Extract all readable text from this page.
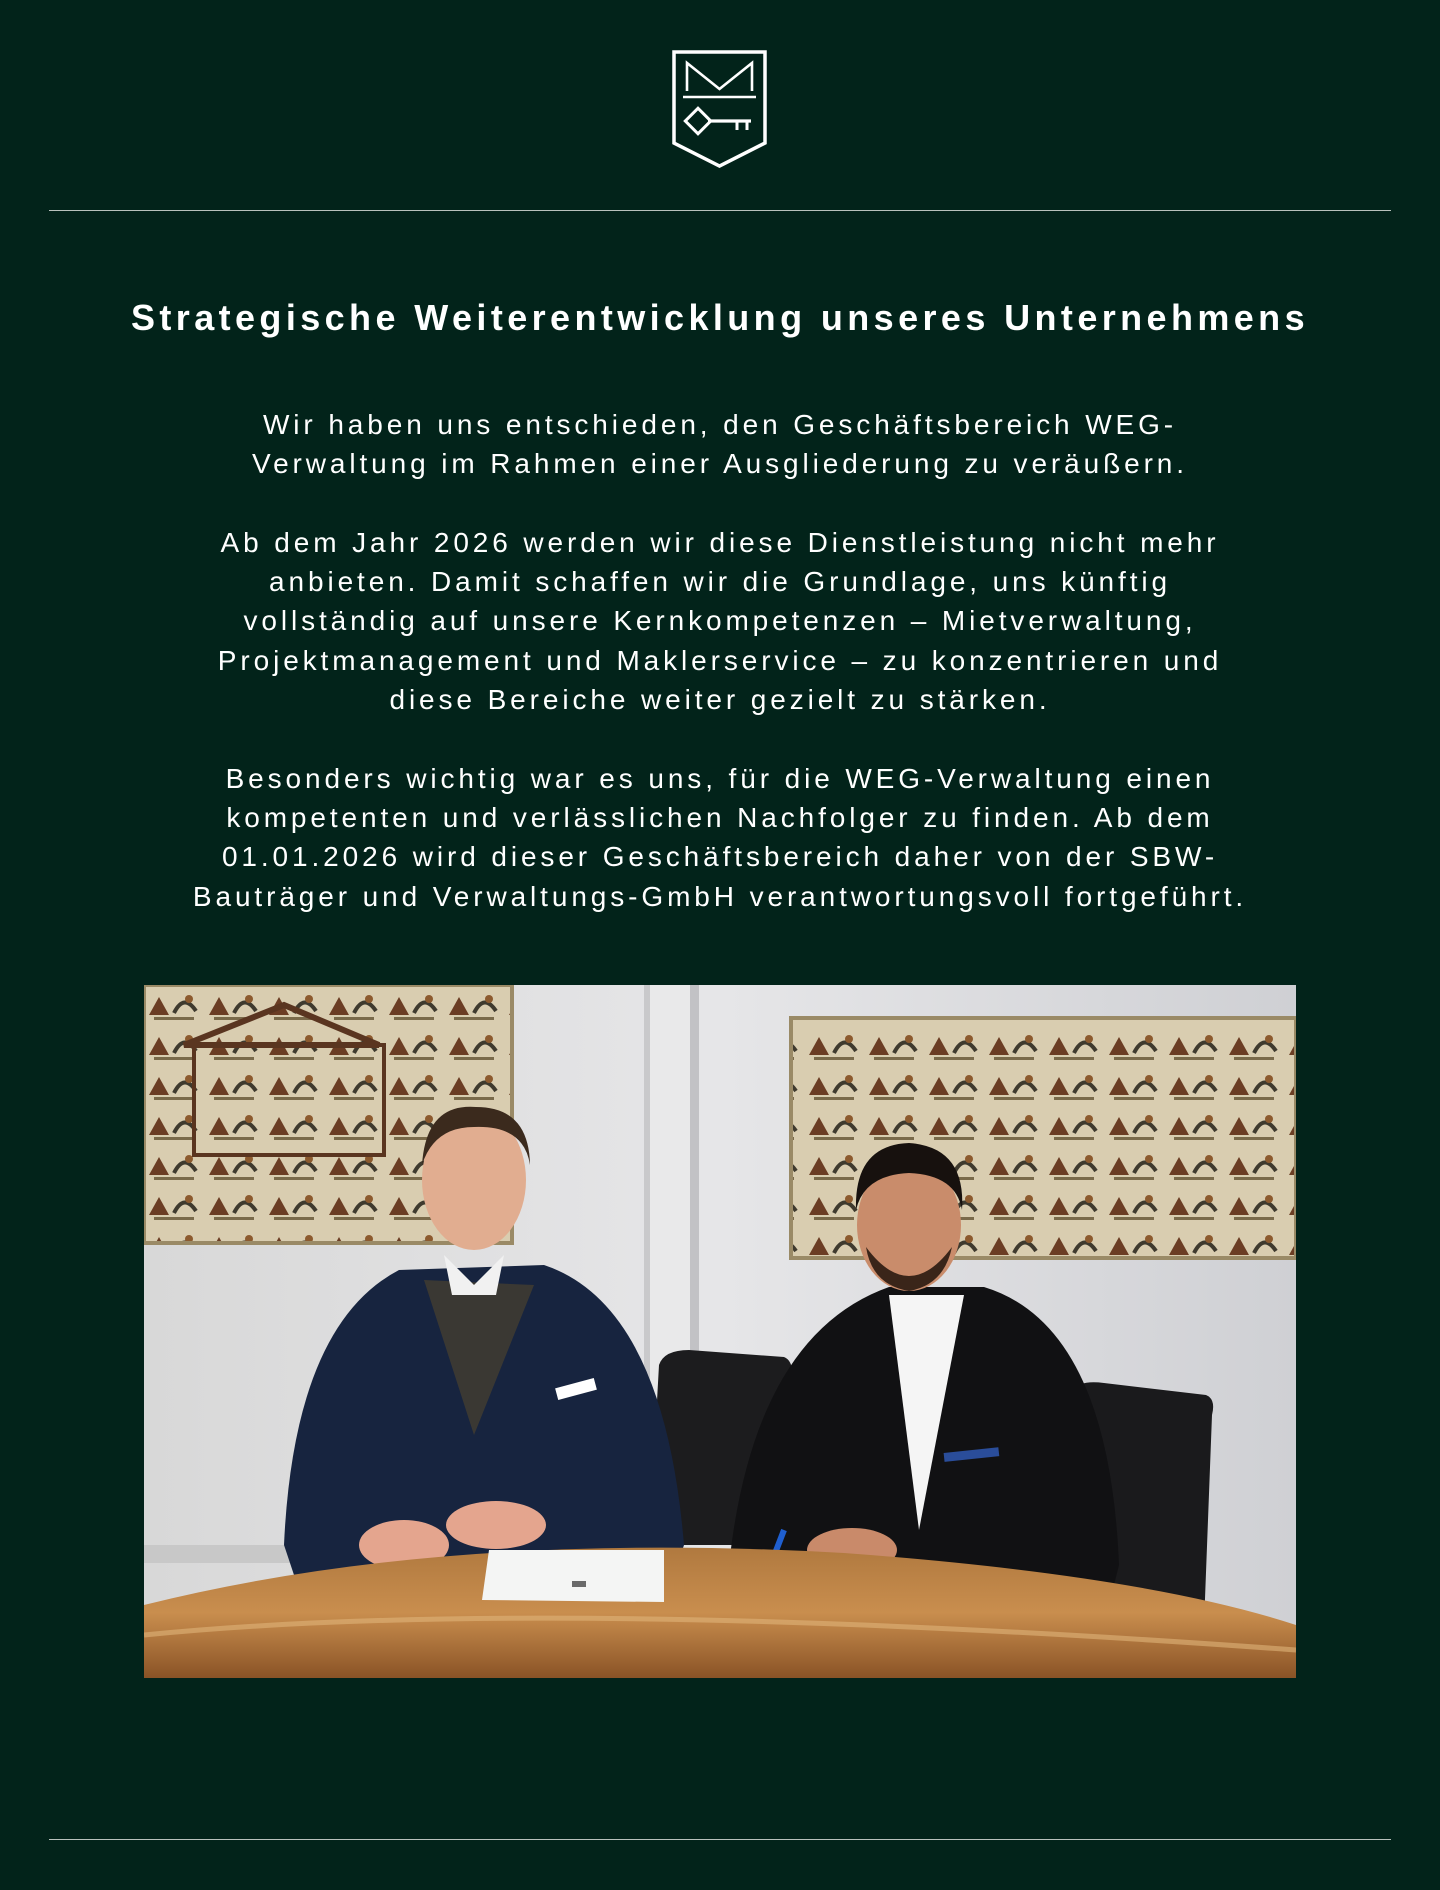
Strategische Weiterentwicklung unseres Unternehmens

Wir haben uns entschieden, den Geschäftsbereich WEG-
Verwaltung im Rahmen einer Ausgliederung zu veräußern.

Ab dem Jahr 2026 werden wir diese Dienstleistung nicht mehr
anbieten. Damit schaffen wir die Grundlage, uns künftig
vollständig auf unsere Kernkompetenzen – Mietverwaltung,
Projektmanagement und Maklerservice – zu konzentrieren und
diese Bereiche weiter gezielt zu stärken.

Besonders wichtig war es uns, für die WEG-Verwaltung einen
kompetenten und verlässlichen Nachfolger zu finden. Ab dem
01.01.2026 wird dieser Geschäftsbereich daher von der SBW-
Bauträger und Verwaltungs-GmbH verantwortungsvoll fortgeführt.
